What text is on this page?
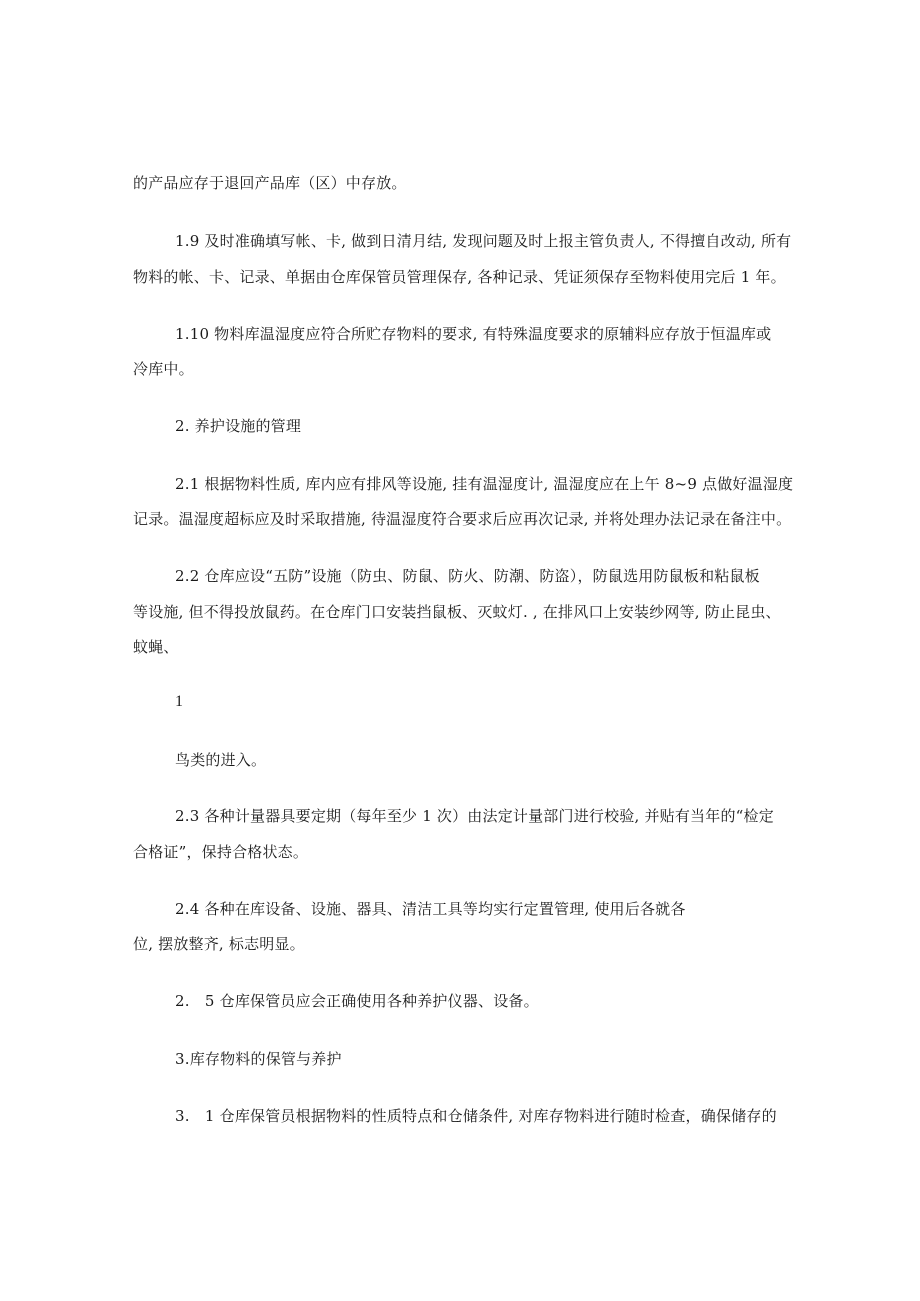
的产品应存于退回产品库（区）中存放。
1.9 及时准确填写帐、卡, 做到日清月结, 发现问题及时上报主管负责人, 不得擅自改动, 所有
物料的帐、卡、记录、单据由仓库保管员管理保存, 各种记录、凭证须保存至物料使用完后 1 年。
1.10 物料库温湿度应符合所贮存物料的要求, 有特殊温度要求的原辅料应存放于恒温库或
冷库中。
2. 养护设施的管理
2.1 根据物料性质, 库内应有排风等设施, 挂有温湿度计, 温湿度应在上午 8~9 点做好温湿度
记录。温湿度超标应及时采取措施, 待温湿度符合要求后应再次记录, 并将处理办法记录在备注中。
2.2 仓库应设“五防”设施（防虫、防鼠、防火、防潮、防盗），防鼠选用防鼠板和粘鼠板
等设施, 但不得投放鼠药。在仓库门口安装挡鼠板、灭蚊灯. , 在排风口上安装纱网等, 防止昆虫、
蚊蝇、
1
鸟类的进入。
2.3 各种计量器具要定期（每年至少 1 次）由法定计量部门进行校验, 并贴有当年的“检定
合格证”，保持合格状态。
2.4 各种在库设备、设施、器具、清洁工具等均实行定置管理, 使用后各就各
位, 摆放整齐, 标志明显。
2.　5 仓库保管员应会正确使用各种养护仪器、设备。
3.库存物料的保管与养护
3.　1 仓库保管员根据物料的性质特点和仓储条件, 对库存物料进行随时检查，确保储存的
